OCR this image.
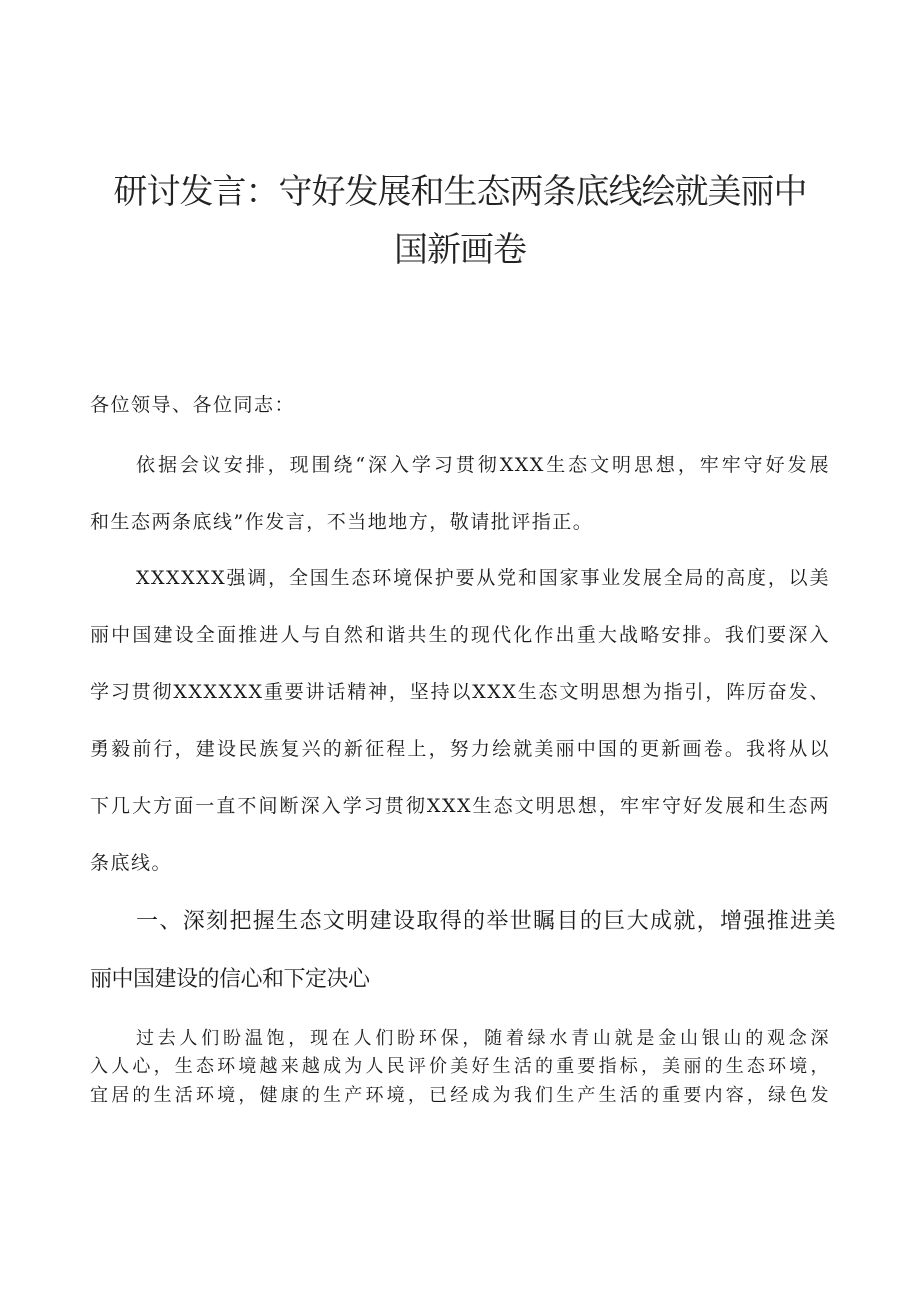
研讨发言：守好发展和生态两条底线绘就美丽中
国新画卷
各位领导、各位同志：
依据会议安排，现围绕“深入学习贯彻XXX生态文明思想，牢牢守好发展
和生态两条底线”作发言，不当地地方，敬请批评指正。
XXXXXX强调，全国生态环境保护要从党和国家事业发展全局的高度，以美
丽中国建设全面推进人与自然和谐共生的现代化作出重大战略安排。我们要深入
学习贯彻XXXXXX重要讲话精神，坚持以XXX生态文明思想为指引，阵厉奋发、
勇毅前行，建设民族复兴的新征程上，努力绘就美丽中国的更新画卷。我将从以
下几大方面一直不间断深入学习贯彻XXX生态文明思想，牢牢守好发展和生态两
条底线。
一、深刻把握生态文明建设取得的举世瞩目的巨大成就，增强推进美
丽中国建设的信心和下定决心
过去人们盼温饱，现在人们盼环保，随着绿水青山就是金山银山的观念深
入人心，生态环境越来越成为人民评价美好生活的重要指标，美丽的生态环境，
宜居的生活环境，健康的生产环境，已经成为我们生产生活的重要内容，绿色发
